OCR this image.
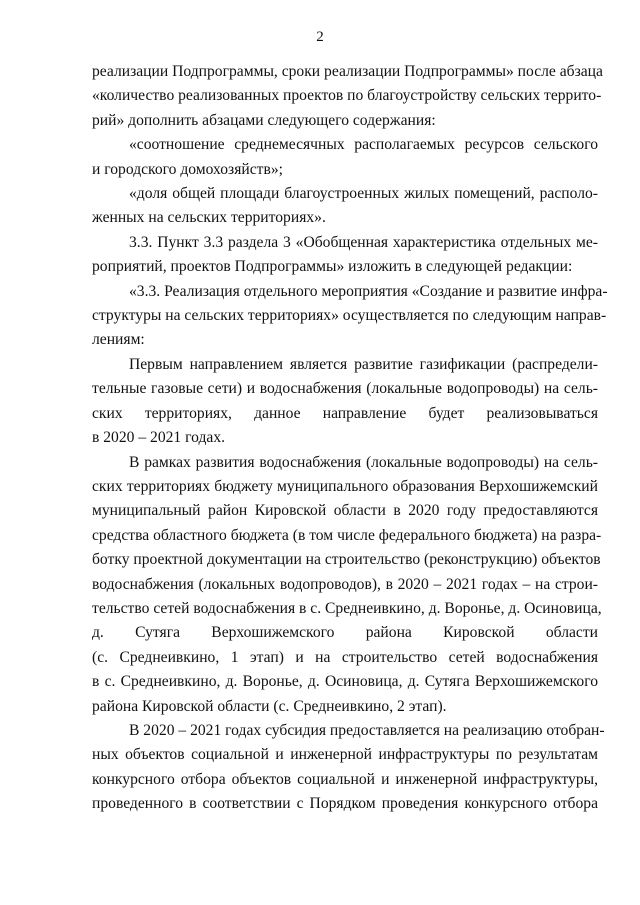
2
реализации Подпрограммы, сроки реализации Подпрограммы» после абзаца
«количество реализованных проектов по благоустройству сельских террито-
рий» дополнить абзацами следующего содержания:
«соотношение среднемесячных располагаемых ресурсов сельского
и городского домохозяйств»;
«доля общей площади благоустроенных жилых помещений, располо-
женных на сельских территориях».
3.3. Пункт 3.3 раздела 3 «Обобщенная характеристика отдельных ме-
роприятий, проектов Подпрограммы» изложить в следующей редакции:
«3.3. Реализация отдельного мероприятия «Создание и развитие инфра-
структуры на сельских территориях» осуществляется по следующим направ-
лениям:
Первым направлением является развитие газификации (распредели-
тельные газовые сети) и водоснабжения (локальные водопроводы) на сель-
ских территориях, данное направление будет реализовываться
в 2020 – 2021 годах.
В рамках развития водоснабжения (локальные водопроводы) на сель-
ских территориях бюджету муниципального образования Верхошижемский
муниципальный район Кировской области в 2020 году предоставляются
средства областного бюджета (в том числе федерального бюджета) на разра-
ботку проектной документации на строительство (реконструкцию) объектов
водоснабжения (локальных водопроводов), в 2020 – 2021 годах – на строи-
тельство сетей водоснабжения в с. Среднеивкино, д. Воронье, д. Осиновица,
д. Сутяга Верхошижемского района Кировской области
(с. Среднеивкино, 1 этап) и на строительство сетей водоснабжения
в с. Среднеивкино, д. Воронье, д. Осиновица, д. Сутяга Верхошижемского
района Кировской области (с. Среднеивкино, 2 этап).
В 2020 – 2021 годах субсидия предоставляется на реализацию отобран-
ных объектов социальной и инженерной инфраструктуры по результатам
конкурсного отбора объектов социальной и инженерной инфраструктуры,
проведенного в соответствии с Порядком проведения конкурсного отбора
